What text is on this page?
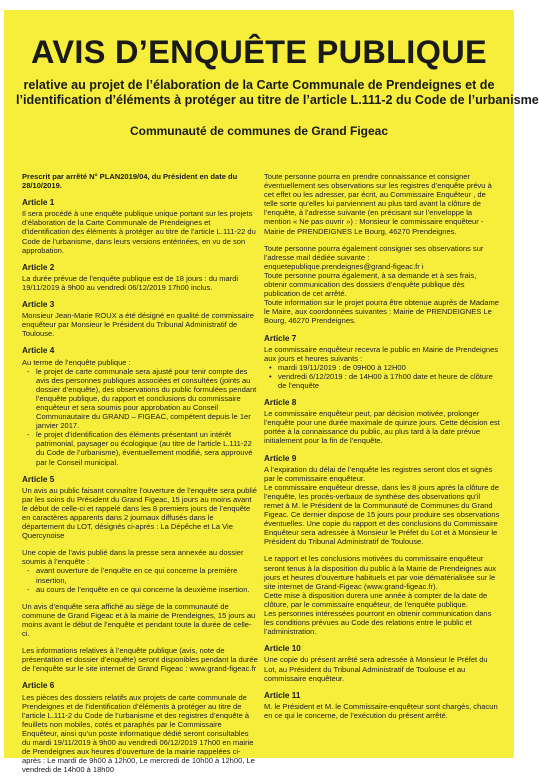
AVIS D’ENQUÊTE PUBLIQUE
relative au projet de l’élaboration de la Carte Communale de Prendeignes et de
l’identification d’éléments à protéger au titre de l’article L.111-2 du Code de l’urbanisme
Communauté de communes de Grand Figeac

Prescrit par arrêté N° PLAN2019/04, du Président en date du 28/10/2019.

Article 1

Il sera procédé à une enquête publique unique portant sur les projets d’élaboration de la Carte Communale de Prendeignes et d’identification des éléments à protéger au titre de l’article L.111-22 du Code de l’urbanisme, dans leurs versions entérinées, en vu de son approbation.

Article 2

La durée prévue de l’enquête publique est de 18 jours : du mardi 19/11/2019 à 9h00 au vendredi 06/12/2019 17h00 inclus.

Article 3

Monsieur Jean-Marie ROUX a été désigné en qualité de commissaire enquêteur par Monsieur le Président du Tribunal Administratif de Toulouse.

Article 4

Au terme de l’enquête publique :

- le projet de carte communale sera ajusté pour tenir compte des avis des personnes publiques associées et consultées (joints au dossier d’enquête), des observations du public formulées pendant l’enquête publique, du rapport et conclusions du commissaire enquêteur et sera soumis pour approbation au Conseil Communautaire du GRAND – FIGEAC, compétent depuis le 1er janvier 2017.
- le projet d’identification des éléments présentant un intérêt patrimonial, paysager ou écologique (au titre de l’article L.111-22 du Code de l’urbanisme), éventuellement modifié, sera approuvé par le Conseil municipal.

Article 5

Un avis au public faisant connaître l’ouverture de l’enquête sera publié par les soins du Président du Grand Figeac, 15 jours au moins avant le début de celle-ci et rappelé dans les 8 premiers jours de l’enquête en caractères apparents dans 2 journaux diffusés dans le département du LOT, désignés ci-après : La Dépêche et La Vie Quercynoise

Une copie de l’avis publié dans la presse sera annexée au dossier soumis à l’enquête :

- avant ouverture de l’enquête en ce qui concerne la première insertion,
- au cours de l’enquête en ce qui concerne la deuxième insertion.

Un avis d’enquête sera affiché au siège de la communauté de commune de Grand Figeac et à la mairie de Prendeignes, 15 jours au moins avant le début de l’enquête et pendant toute la durée de celle-ci.

Les informations relatives à l’enquête publique (avis, note de présentation et dossier d’enquête) seront disponibles pendant la durée de l’enquête sur le site internet de Grand Figeac : www.grand-figeac.fr

Article 6

Les pièces des dossiers relatifs aux projets de carte communale de Prendeignes et de l’identification d’éléments à protéger au titre de l’article L.111-2 du Code de l’urbanisme et des registres d’enquête à feuillets non mobiles, cotés et paraphés par le Commissaire Enquêteur, ainsi qu’un poste informatique dédié seront consultables du mardi 19/11/2019 à 9h00 au vendredi 06/12/2019 17h00 en mairie de Prendeignes aux heures d’ouverture de la mairie rappelées ci-après : Le mardi de 9h00 à 12h00, Le mercredi de 10h00 à 12h00, Le vendredi de 14h00 à 18h00

Toute personne pourra en prendre connaissance et consigner éventuellement ses observations sur les registres d’enquête prévu à cet effet ou les adresser, par écrit, au Commissaire Enquêteur , de telle sorte qu’elles lui parviennent au plus tard avant la clôture de l’enquête, à l’adresse suivante (en précisant sur l’enveloppe la mention « Ne pas ouvrir ») : Monsieur le commissaire enquêteur - Mairie de PRENDEIGNES Le Bourg, 46270 Prendeignes.

Toute personne pourra également consigner ses observations sur l’adresse mail dédiée suivante : enquetepublique.prendeignes@grand-figeac.fr i

Toute personne pourra également, à sa demande et à ses frais, obtenir communication des dossiers d’enquête publique dès publication de cet arrêté.

Toute information sur le projet pourra être obtenue auprès de Madame le Maire, aux coordonnées suivantes : Mairie de PRENDEIGNES Le Bourg, 46270 Prendeignes.

Article 7

Le commissaire enquêteur recevra le public en Mairie de Prendeignes aux jours et heures suivants :

• mardi 19/11/2019 : de 09H00 à 12H00
• vendredi 6/12/2019 : de 14H00 à 17h00 date et heure de clôture de l’enquête

Article 8

Le commissaire enquêteur peut, par décision motivée, prolonger l’enquête pour une durée maximale de quinze jours. Cette décision est portée à la connaissance du public, au plus tard à la date prévue initialement pour la fin de l’enquête.

Article 9

A l’expiration du délai de l’enquête les registres seront clos et signés par le commissaire enquêteur.

Le commissaire enquêteur dresse, dans les 8 jours après la clôture de l’enquête, les procès-verbaux de synthèse des observations qu’il remet à M. le Président de la Communauté de Communes du Grand Figeac. Ce dernier dispose de 15 jours pour produire ses observations éventuelles. Une copie du rapport et des conclusions du Commissaire Enquêteur sera adressée à Monsieur le Préfet du Lot et à Monsieur le Président du Tribunal Administratif de Toulouse.

Le rapport et les conclusions motivées du commissaire enquêteur seront tenus à la disposition du public à la Mairie de Prendeignes aux jours et heures d’ouverture habituels et par voie dématérialisée sur le site internet de Grand-Figeac (www.grand-figeac.fr).

Cette mise à disposition durera une année à compter de la date de clôture, par le commissaire enquêteur, de l’enquête publique.

Les personnes intéressées pourront en obtenir communication dans les conditions prévues au Code des relations entre le public et l’administration.

Article 10

Une copie du présent arrêté sera adressée à Monsieur le Préfet du Lot, au Président du Tribunal Administratif de Toulouse et au commissaire enquêteur.

Article 11

M. le Président et M. le Commissaire-enquêteur sont chargés, chacun en ce qui le concerne, de l’exécution du présent arrêté.
